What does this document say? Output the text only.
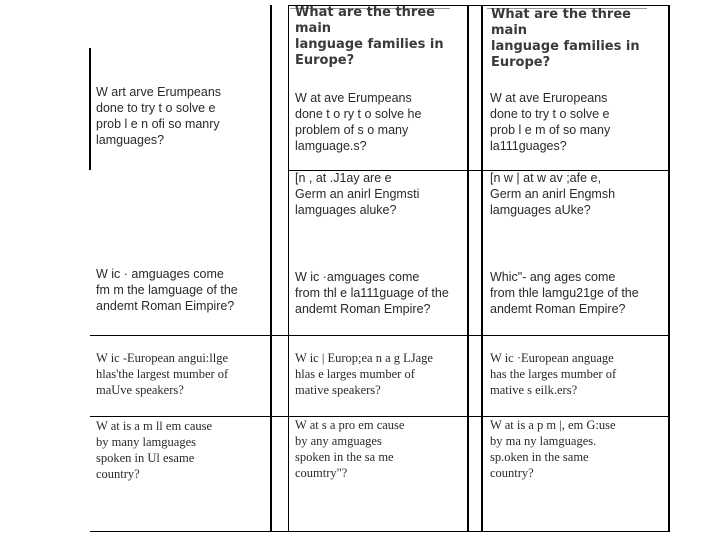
What are the three main
language families in
Europe?
What are the three main
language families in
Europe?
W art arve Erumpeans
done to try t o solve e
prob l e n ofi so manry
lamguages?
W ic · amguages come
fm m the lamguage of the
andemt Roman Eimpire?
W ic -European angui:llge
hlas'the largest mumber of
maUve speakers?
W at is a m ll em cause
by many lamguages
spoken in Ul esame
country?
W at ave Erumpeans
done t o ry t o solve he
problem of s o many
lamguage.s?
[n , at .J1ay are e
Germ an anirl Engmsti
lamguages aluke?
W ic ·amguages come
from thl e la111guage of the
andemt Roman Empire?
W ic | Europ;ea n a g LJage
hlas e larges mumber of
mative speakers?
W at s a pro em cause
by any amguages
spoken in the sa me
coumtry"?
W at ave Eruropeans
done to try t o solve e
prob l e m of so many
la111guages?
[n w | at w av ;afe e,
Germ an anirl Engmsh
lamguages aUke?
Whic"- ang ages come
from thle lamgu21ge of the
andemt Roman Empire?
W ic ·European anguage
has the larges mumber of
mative s eilk.ers?
W at is a p m |, em G:use
by ma ny lamguages.
sp.oken in the same
country?
